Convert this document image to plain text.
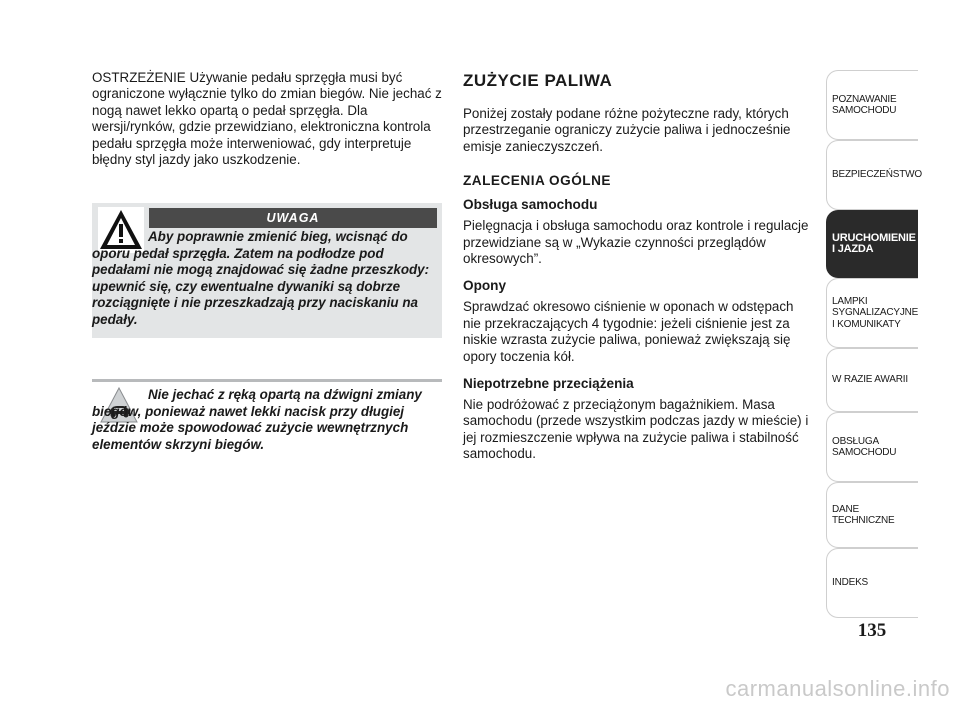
OSTRZEŻENIE Używanie pedału sprzęgła musi być ograniczone wyłącznie tylko do zmian biegów. Nie jechać z nogą nawet lekko opartą o pedał sprzęgła. Dla wersji/rynków, gdzie przewidziano, elektroniczna kontrola pedału sprzęgła może interweniować, gdy interpretuje błędny styl jazdy jako uszkodzenie.
UWAGA
Aby poprawnie zmienić bieg, wcisnąć do oporu pedał sprzęgła. Zatem na podłodze pod pedałami nie mogą znajdować się żadne przeszkody: upewnić się, czy ewentualne dywaniki są dobrze rozciągnięte i nie przeszkadzają przy naciskaniu na pedały.
Nie jechać z ręką opartą na dźwigni zmiany biegów, ponieważ nawet lekki nacisk przy długiej jeździe może spowodować zużycie wewnętrznych elementów skrzyni biegów.
ZUŻYCIE PALIWA

Poniżej zostały podane różne pożyteczne rady, których przestrzeganie ograniczy zużycie paliwa i jednocześnie emisje zanieczyszczeń.

ZALECENIA OGÓLNE
Obsługa samochodu

Pielęgnacja i obsługa samochodu oraz kontrole i regulacje przewidziane są w „Wykazie czynności przeglądów okresowych”.

Opony

Sprawdzać okresowo ciśnienie w oponach w odstępach nie przekraczających 4 tygodnie: jeżeli ciśnienie jest za niskie wzrasta zużycie paliwa, ponieważ zwiększają się opory toczenia kół.

Niepotrzebne przeciążenia

Nie podróżować z przeciążonym bagażnikiem. Masa samochodu (przede wszystkim podczas jazdy w mieście) i jej rozmieszczenie wpływa na zużycie paliwa i stabilność samochodu.

POZNAWANIE
SAMOCHODU
BEZPIECZEŃSTWO
URUCHOMIENIE
I JAZDA
LAMPKI
SYGNALIZACYJNE
I KOMUNIKATY
W RAZIE AWARII
OBSŁUGA
SAMOCHODU
DANE
TECHNICZNE
INDEKS
135
carmanualsonline.info
